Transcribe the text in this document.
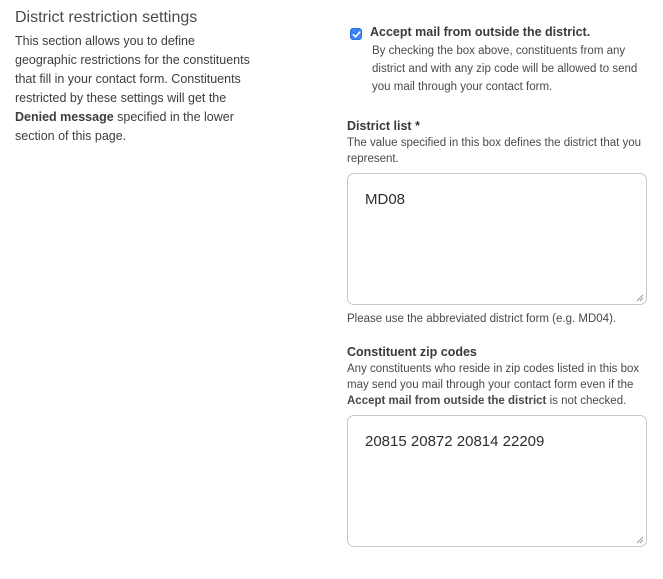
District restriction settings

This section allows you to define geographic restrictions for the constituents that fill in your contact form. Constituents restricted by these settings will get the Denied message specified in the lower section of this page.

Accept mail from outside the district.
By checking the box above, constituents from any district and with any zip code will be allowed to send you mail through your contact form.

District list *

The value specified in this box defines the district that you represent.

MD08
Please use the abbreviated district form (e.g. MD04).

Constituent zip codes

Any constituents who reside in zip codes listed in this box may send you mail through your contact form even if the Accept mail from outside the district is not checked.

20815 20872 20814 22209
